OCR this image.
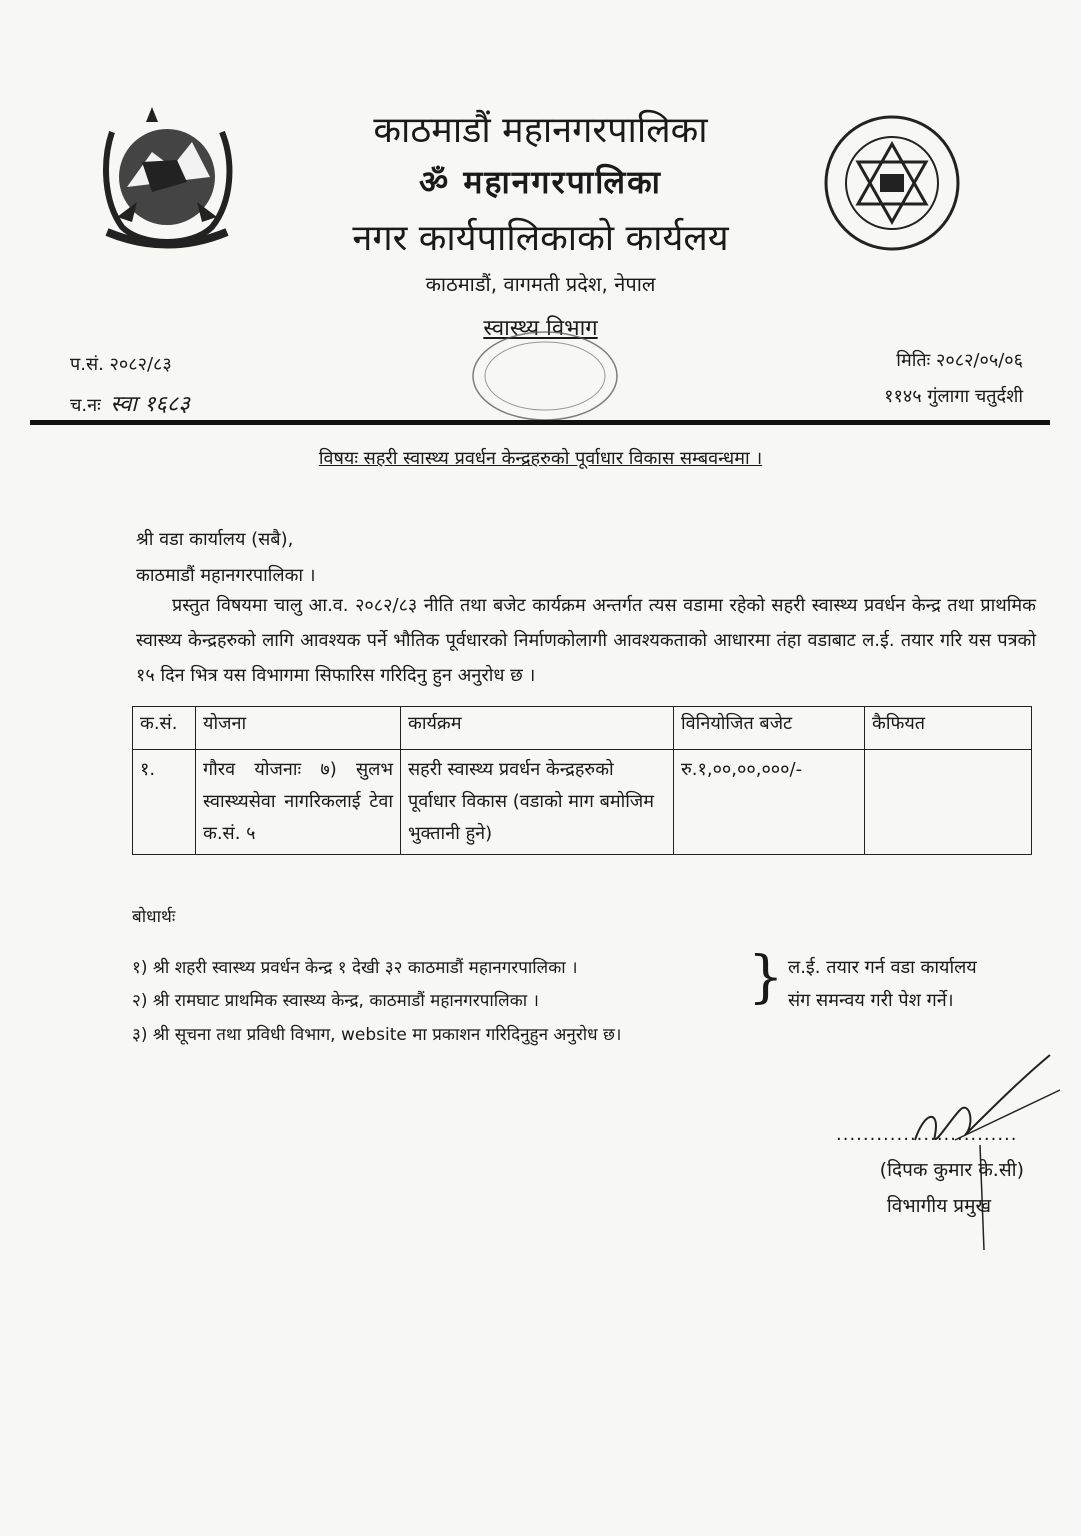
काठमाडौं महानगरपालिका
ॐ महानगरपालिका
नगर कार्यपालिकाको कार्यलय
काठमाडौं, वागमती प्रदेश, नेपाल
स्वास्थ्य विभाग
प.सं. २०८२/८३
च.नः स्वा १६८३
मितिः २०८२/०५/०६
११४५ गुंलागा चतुर्दशी
विषयः सहरी स्वास्थ्य प्रवर्धन केन्द्रहरुको पूर्वाधार विकास सम्बवन्धमा ।
श्री वडा कार्यालय (सबै),
काठमाडौं महानगरपालिका ।
प्रस्तुत विषयमा चालु आ.व. २०८२/८३ नीति तथा बजेट कार्यक्रम अन्तर्गत त्यस वडामा रहेको सहरी स्वास्थ्य प्रवर्धन केन्द्र तथा प्राथमिक स्वास्थ्य केन्द्रहरुको लागि आवश्यक पर्ने भौतिक पूर्वधारको निर्माणकोलागी आवश्यकताको आधारमा तंहा वडाबाट ल.ई. तयार गरि यस पत्रको १५ दिन भित्र यस विभागमा सिफारिस गरिदिनु हुन अनुरोध छ ।
क.सं.	योजना	कार्यक्रम	विनियोजित बजेट	कैफियत
१.	गौरव योजनाः ७) सुलभ स्वास्थ्यसेवा नागरिकलाई टेवा क.सं. ५	सहरी स्वास्थ्य प्रवर्धन केन्द्रहरुको पूर्वाधार विकास (वडाको माग बमोजिम भुक्तानी हुने)	रु.१,००,००,०००/-	
बोधार्थः
१) श्री शहरी स्वास्थ्य प्रवर्धन केन्द्र १ देखी ३२ काठमाडौं महानगरपालिका ।
२) श्री रामघाट प्राथमिक स्वास्थ्य केन्द्र, काठमाडौं महानगरपालिका ।
३) श्री सूचना तथा प्रविधी विभाग, website मा प्रकाशन गरिदिनुहुन अनुरोध छ।
} ल.ई. तयार गर्न वडा कार्यालय
संग समन्वय गरी पेश गर्ने।
...........................
(दिपक कुमार के.सी)
विभागीय प्रमुख
